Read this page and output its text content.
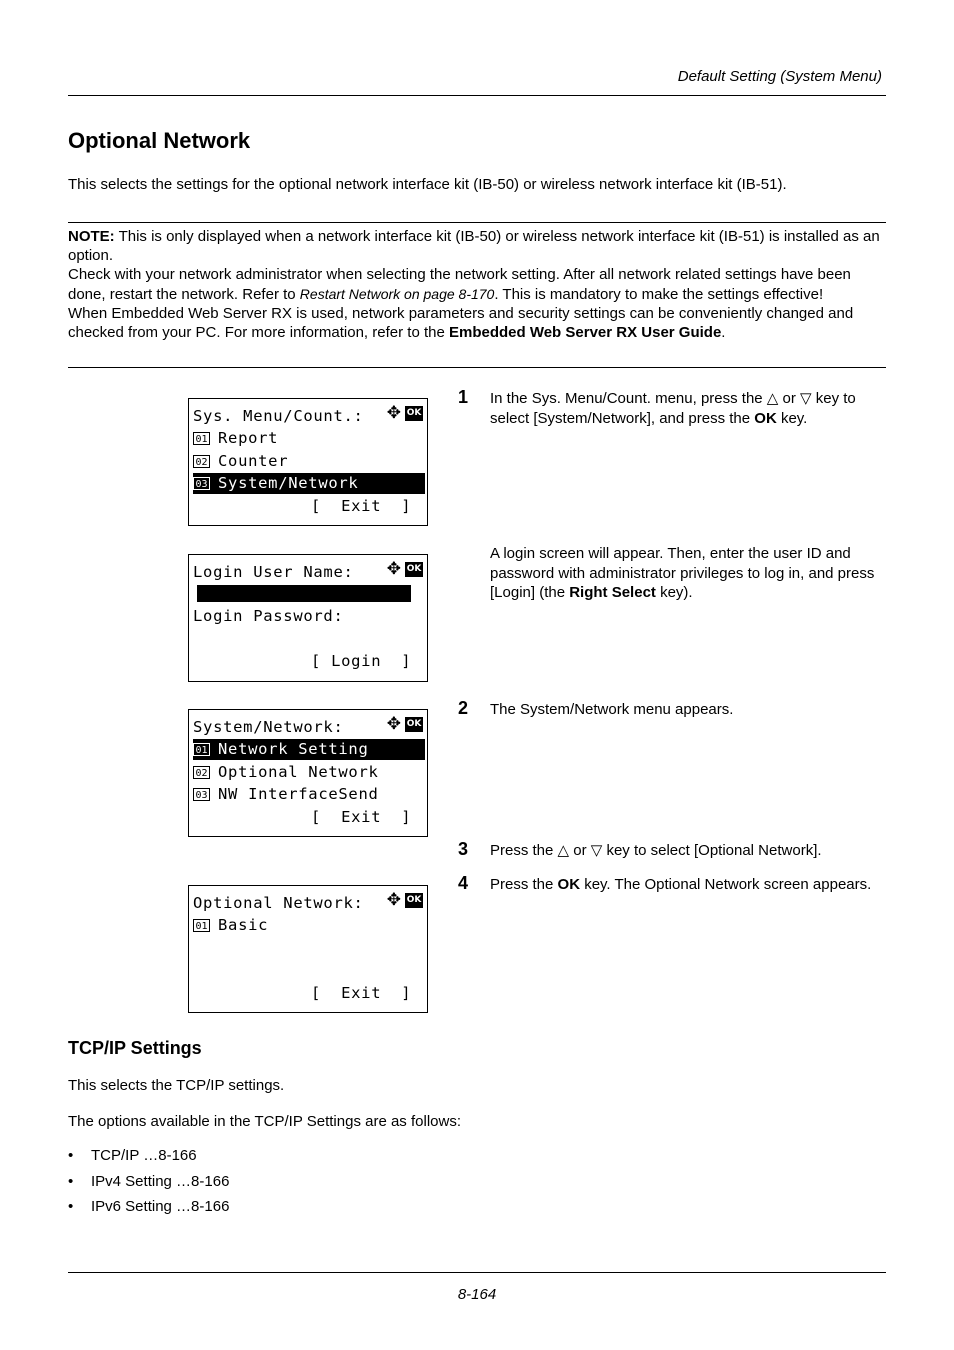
Default Setting (System Menu)
Optional Network
This selects the settings for the optional network interface kit (IB-50) or wireless network interface kit (IB-51).

NOTE: This is only displayed when a network interface kit (IB-50) or wireless network interface kit (IB-51) is installed as an option.

Check with your network administrator when selecting the network setting. After all network related settings have been done, restart the network. Refer to Restart Network on page 8-170. This is mandatory to make the settings effective!

When Embedded Web Server RX is used, network parameters and security settings can be conveniently changed and checked from your PC. For more information, refer to the Embedded Web Server RX User Guide.

Sys. Menu/Count.:	✥ OK
01 Report
02 Counter
03 System/Network
[  Exit  ]
Login User Name:	✥ OK
Login Password:
[ Login  ]
System/Network:	✥ OK
01 Network Setting
02 Optional Network
03 NW InterfaceSend
[  Exit  ]
Optional Network:	✥ OK
01 Basic
[  Exit  ]
1 In the Sys. Menu/Count. menu, press the △ or ▽ key to select [System/Network], and press the OK key.
A login screen will appear. Then, enter the user ID and password with administrator privileges to log in, and press [Login] (the Right Select key).
2 The System/Network menu appears.
3 Press the △ or ▽ key to select [Optional Network].
4 Press the OK key. The Optional Network screen appears.
TCP/IP Settings
This selects the TCP/IP settings.
The options available in the TCP/IP Settings are as follows:
• TCP/IP …8-166
• IPv4 Setting …8-166
• IPv6 Setting …8-166
8-164
